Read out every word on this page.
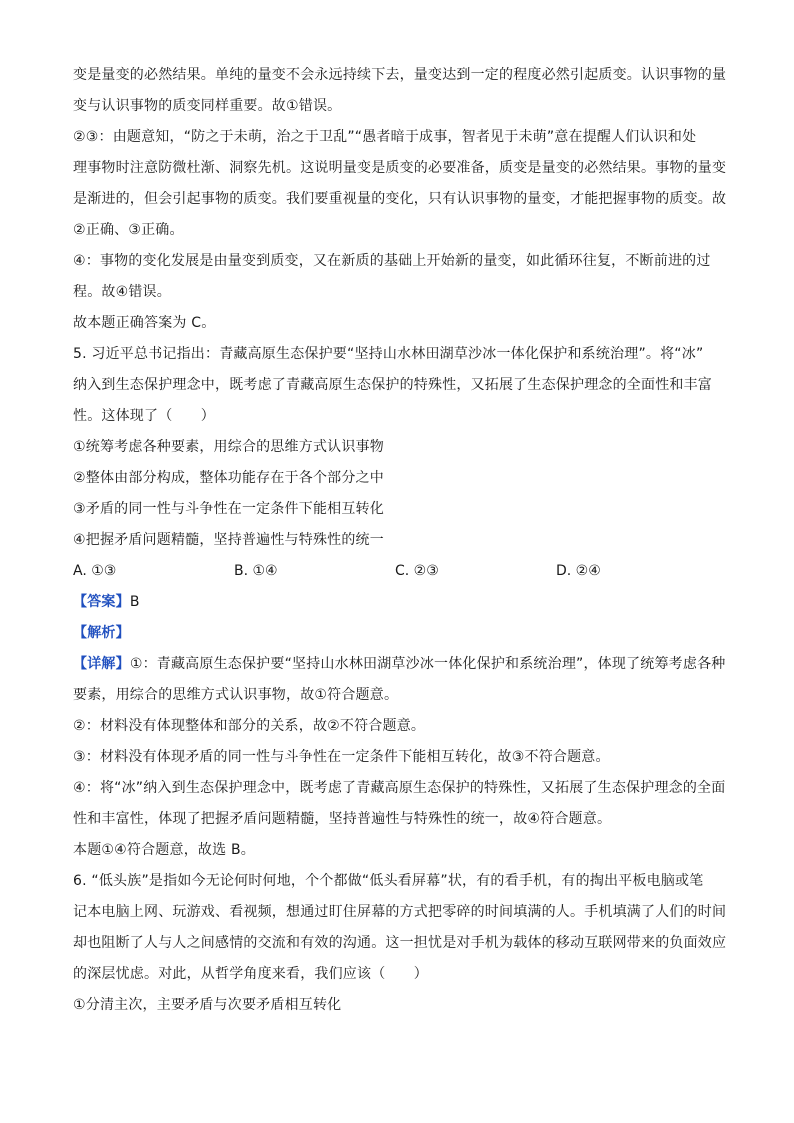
变是量变的必然结果。单纯的量变不会永远持续下去，量变达到一定的程度必然引起质变。认识事物的量
变与认识事物的质变同样重要。故①错误。
②③：由题意知，“防之于未萌，治之于卫乱”“愚者暗于成事，智者见于未萌”意在提醒人们认识和处
理事物时注意防微杜渐、洞察先机。这说明量变是质变的必要准备，质变是量变的必然结果。事物的量变
是渐进的，但会引起事物的质变。我们要重视量的变化，只有认识事物的量变，才能把握事物的质变。故
②正确、③正确。
④：事物的变化发展是由量变到质变，又在新质的基础上开始新的量变，如此循环往复，不断前进的过
程。故④错误。
故本题正确答案为 C。
5. 习近平总书记指出：青藏高原生态保护要“坚持山水林田湖草沙冰一体化保护和系统治理”。将“冰”
纳入到生态保护理念中，既考虑了青藏高原生态保护的特殊性，又拓展了生态保护理念的全面性和丰富
性。这体现了（　　）
①统筹考虑各种要素，用综合的思维方式认识事物
②整体由部分构成，整体功能存在于各个部分之中
③矛盾的同一性与斗争性在一定条件下能相互转化
④把握矛盾问题精髓，坚持普遍性与特殊性的统一
A. ①③	B. ①④	C. ②③	D. ②④
【答案】B
【解析】
【详解】①：青藏高原生态保护要“坚持山水林田湖草沙冰一体化保护和系统治理”，体现了统筹考虑各种
要素，用综合的思维方式认识事物，故①符合题意。
②：材料没有体现整体和部分的关系，故②不符合题意。
③：材料没有体现矛盾的同一性与斗争性在一定条件下能相互转化，故③不符合题意。
④：将“冰”纳入到生态保护理念中，既考虑了青藏高原生态保护的特殊性，又拓展了生态保护理念的全面
性和丰富性，体现了把握矛盾问题精髓，坚持普遍性与特殊性的统一，故④符合题意。
本题①④符合题意，故选 B。
6. “低头族”是指如今无论何时何地，个个都做“低头看屏幕”状，有的看手机，有的掏出平板电脑或笔
记本电脑上网、玩游戏、看视频，想通过盯住屏幕的方式把零碎的时间填满的人。手机填满了人们的时间
却也阻断了人与人之间感情的交流和有效的沟通。这一担忧是对手机为载体的移动互联网带来的负面效应
的深层忧虑。对此，从哲学角度来看，我们应该（　　）
①分清主次，主要矛盾与次要矛盾相互转化
